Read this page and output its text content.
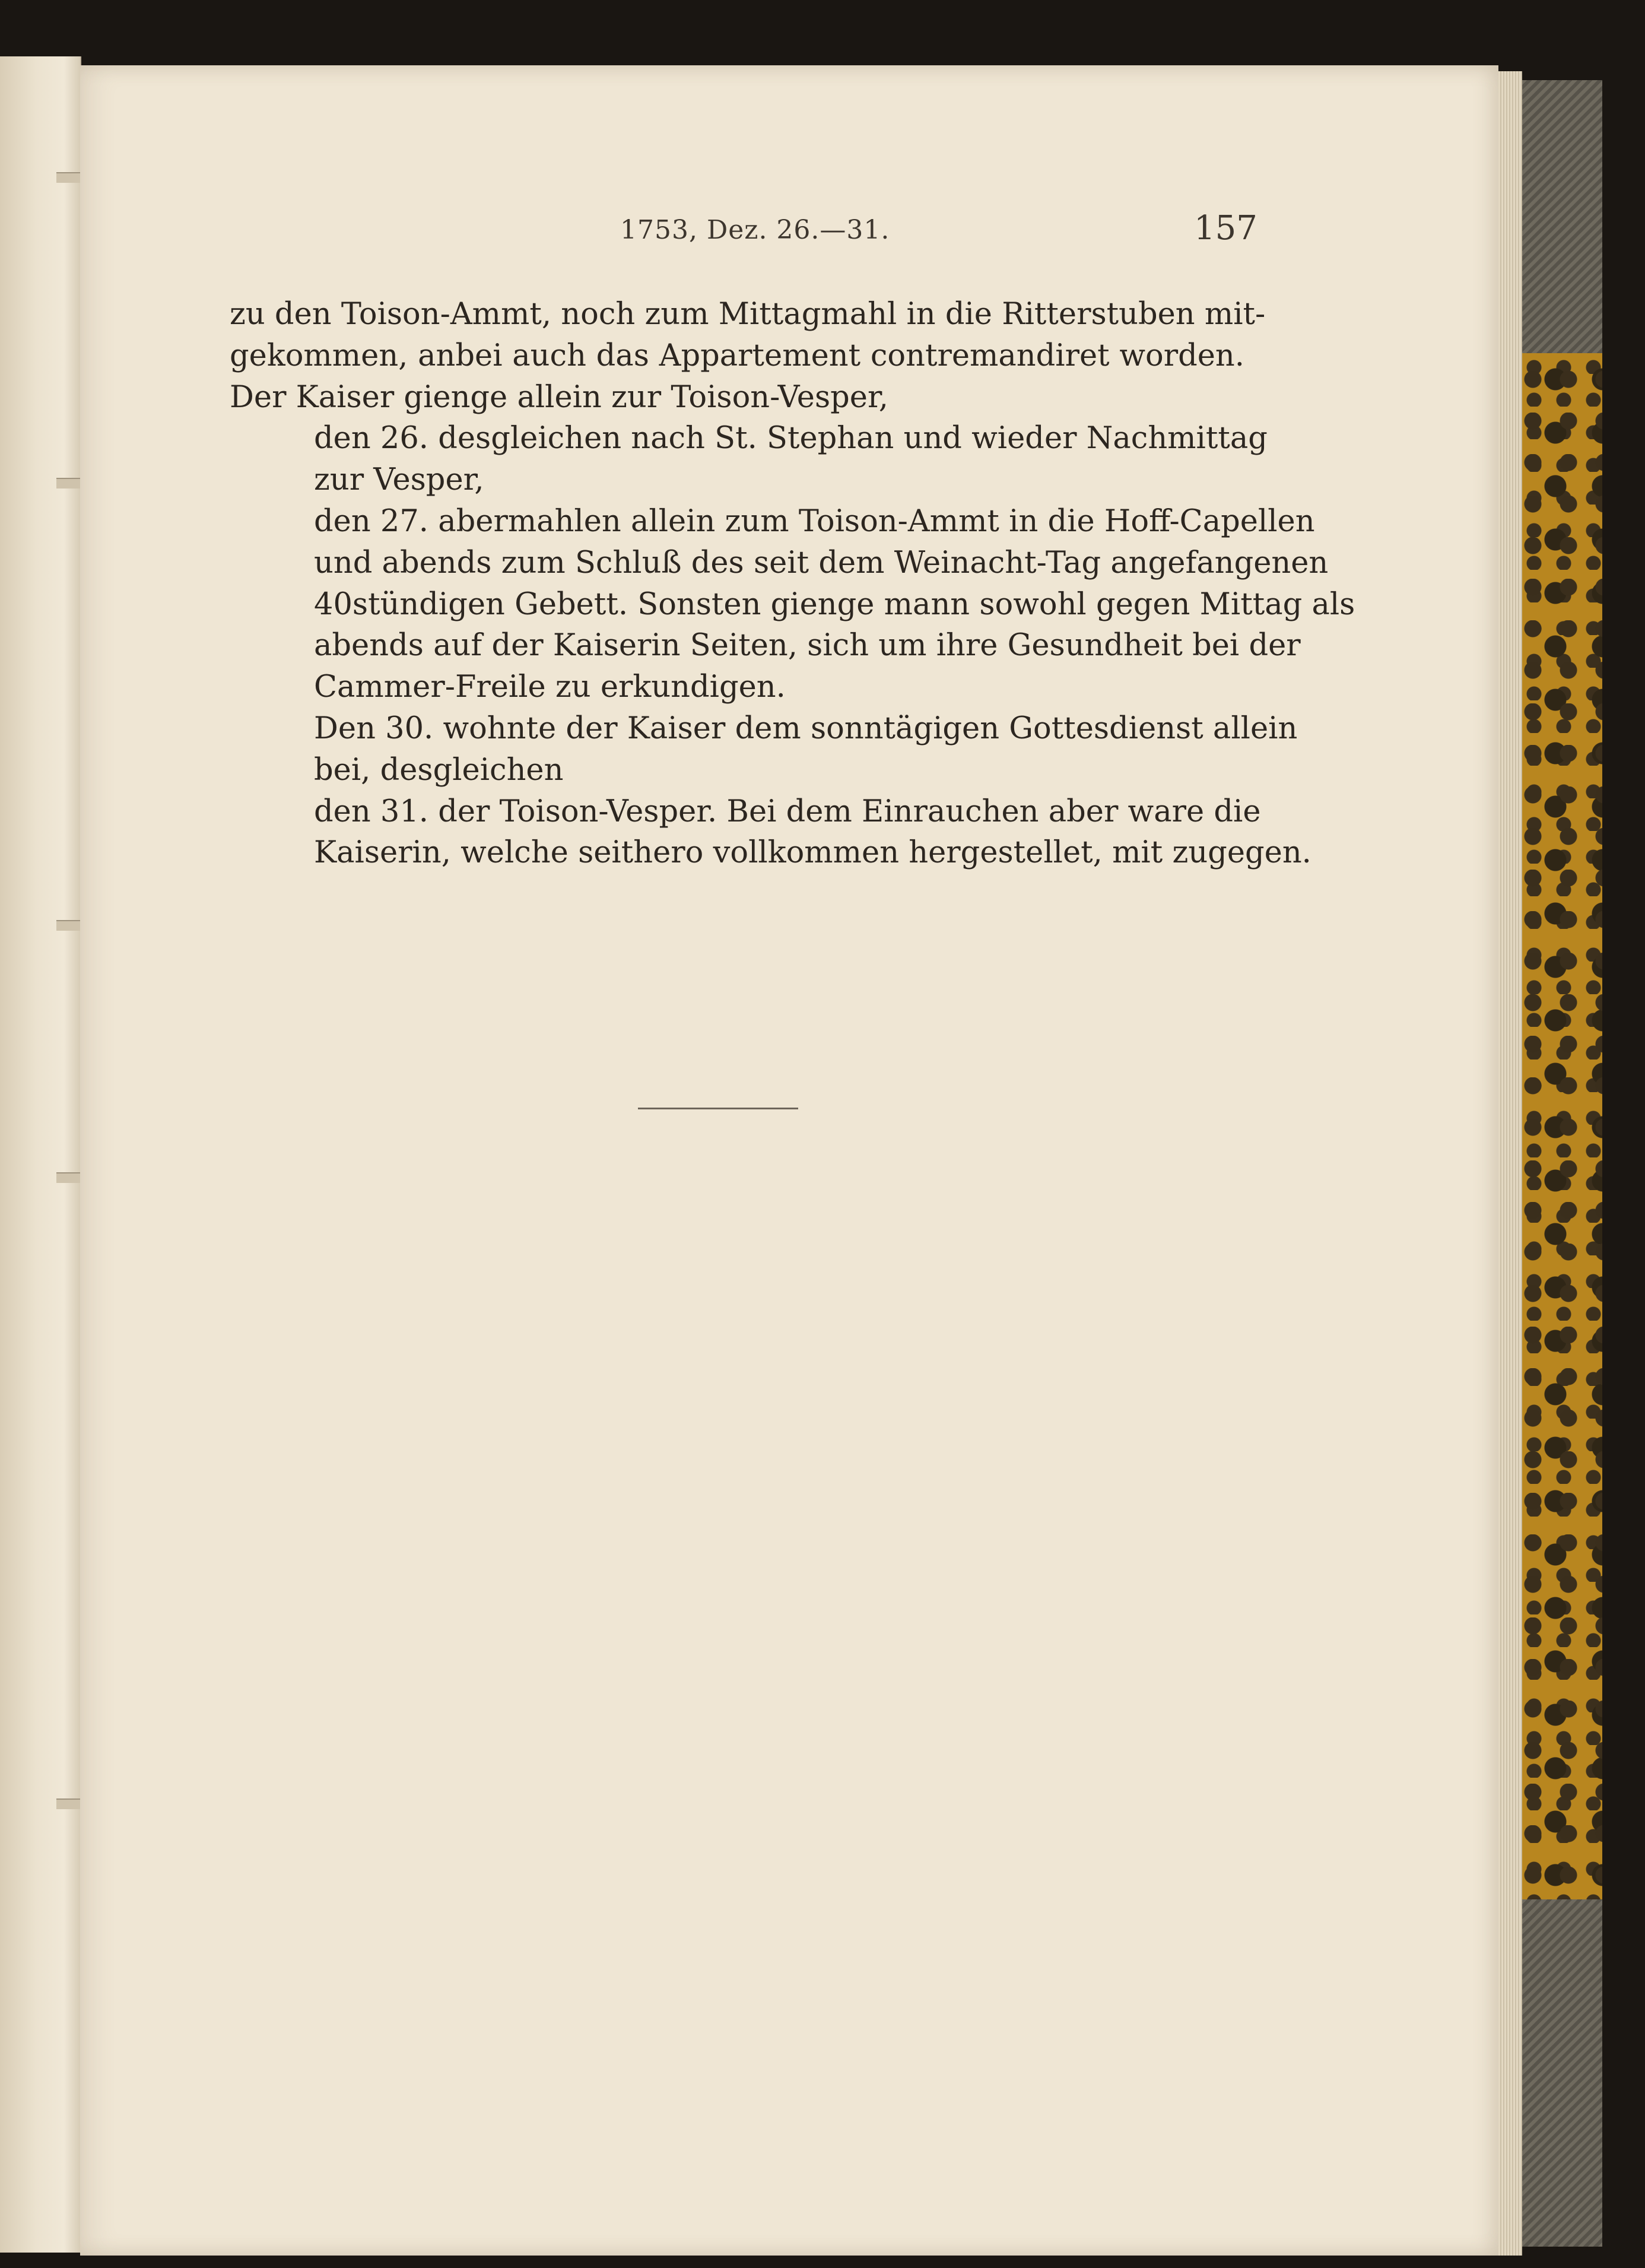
1753, Dez. 26.—31.	157

zu den Toison-Ammt, noch zum Mittagmahl in die Ritterstuben mit-
gekommen, anbei auch das Appartement contremandiret worden.
Der Kaiser gienge allein zur Toison-Vesper,

den 26. desgleichen nach St. Stephan und wieder Nachmittag
zur Vesper,

den 27. abermahlen allein zum Toison-Ammt in die Hoff-Capellen
und abends zum Schluß des seit dem Weinacht-Tag angefangenen
40stündigen Gebett. Sonsten gienge mann sowohl gegen Mittag als
abends auf der Kaiserin Seiten, sich um ihre Gesundheit bei der
Cammer-Freile zu erkundigen.

Den 30. wohnte der Kaiser dem sonntägigen Gottesdienst allein
bei, desgleichen

den 31. der Toison-Vesper. Bei dem Einrauchen aber ware die
Kaiserin, welche seithero vollkommen hergestellet, mit zugegen.
